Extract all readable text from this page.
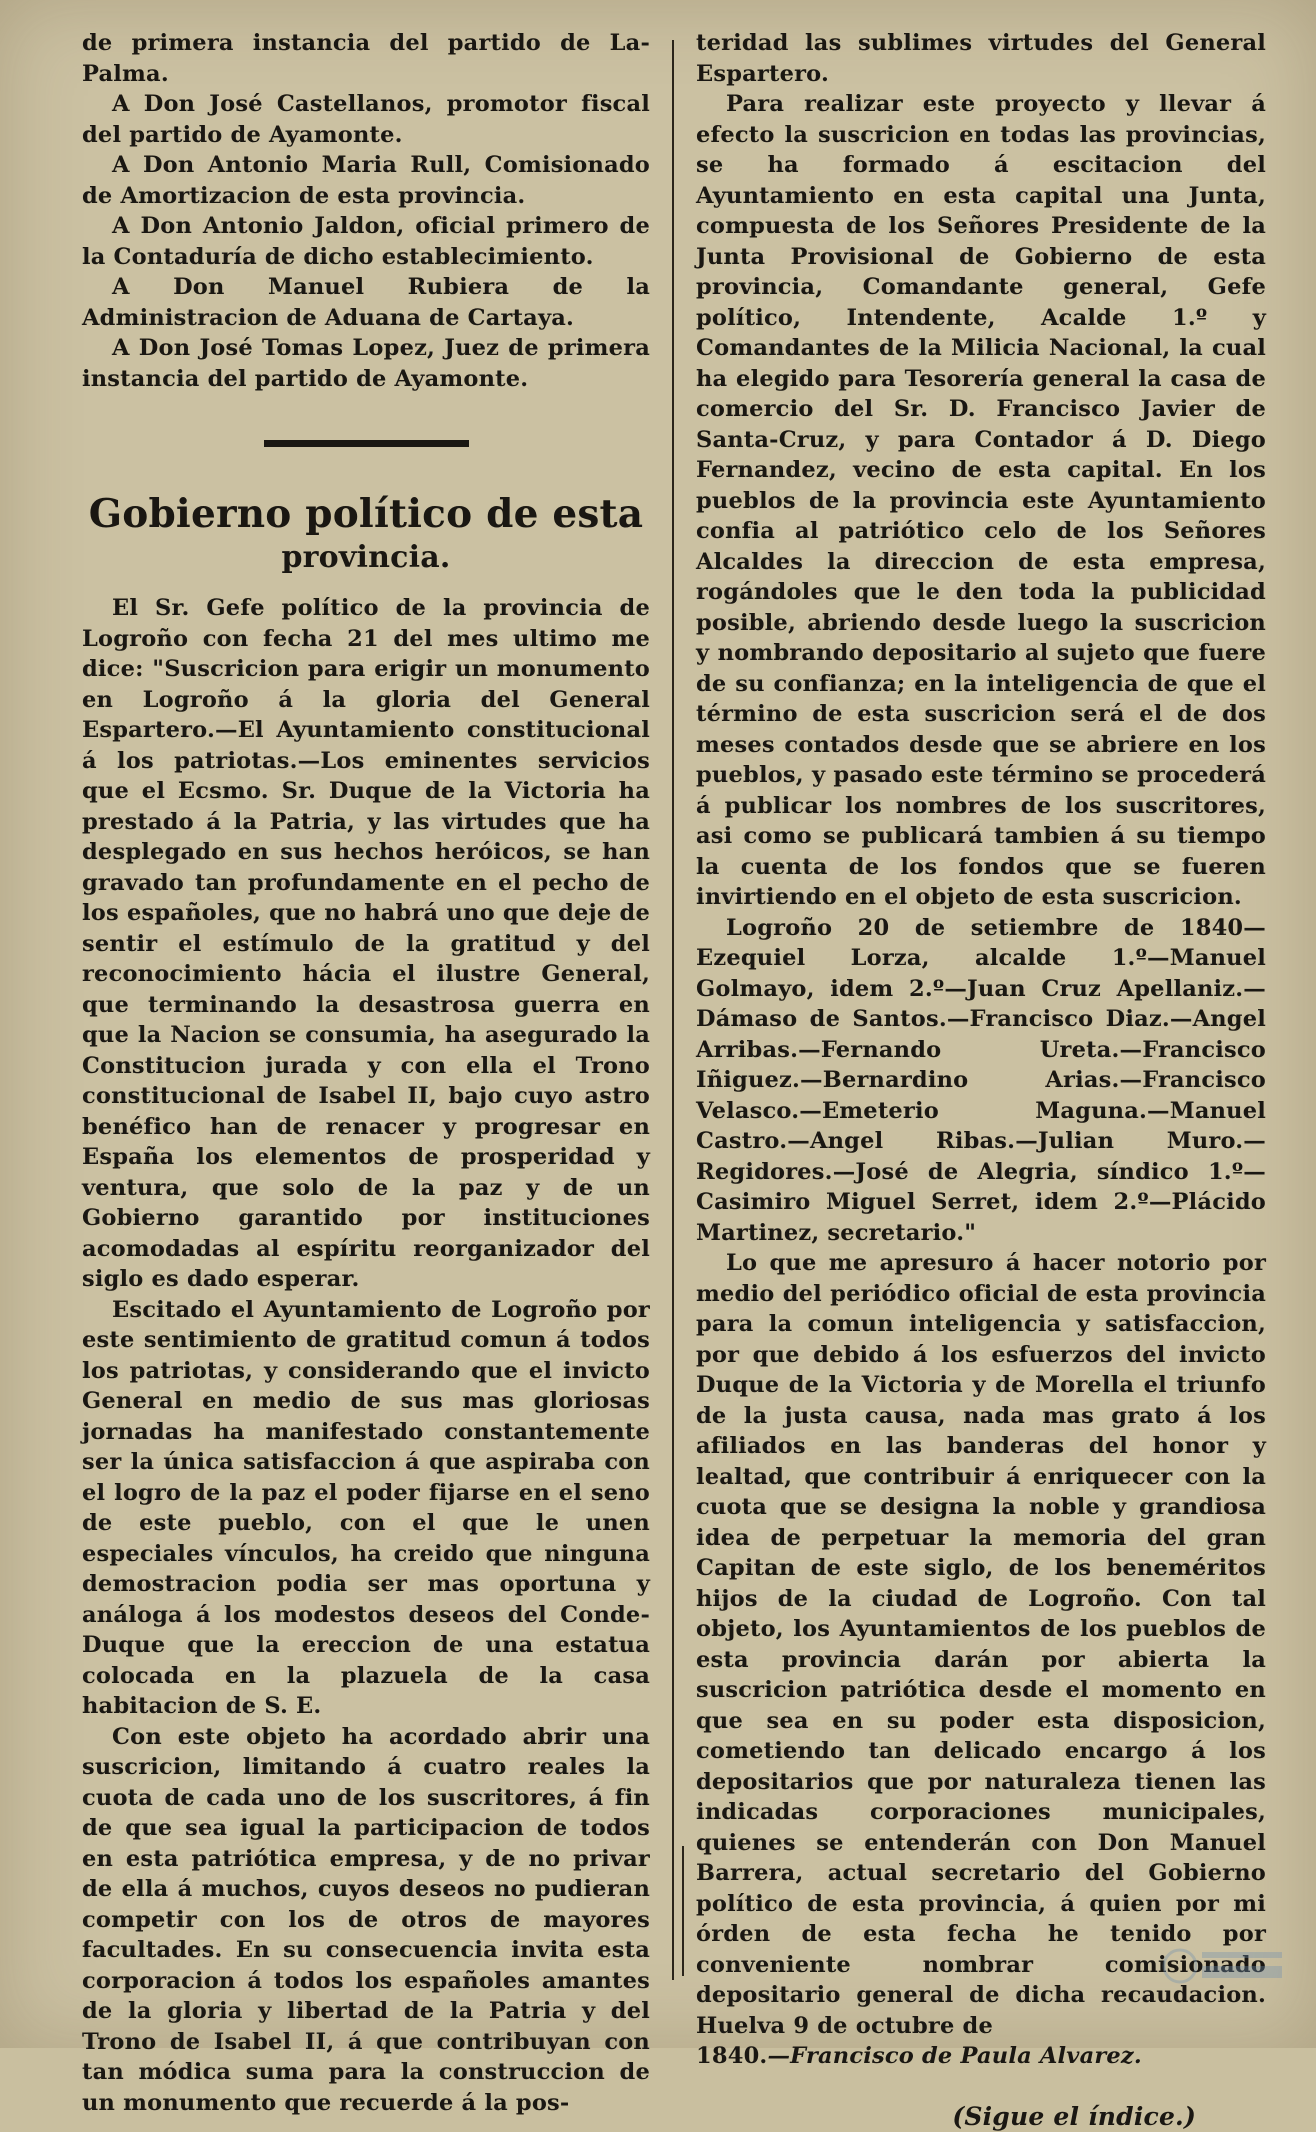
de primera instancia del partido de La-Palma.

A Don José Castellanos, promotor fiscal del partido de Ayamonte.

A Don Antonio Maria Rull, Comisionado de Amortizacion de esta provincia.

A Don Antonio Jaldon, oficial primero de la Contaduría de dicho establecimiento.

A Don Manuel Rubiera de la Administracion de Aduana de Cartaya.

A Don José Tomas Lopez, Juez de primera instancia del partido de Ayamonte.

Gobierno político de esta
provincia.

El Sr. Gefe político de la provincia de Logroño con fecha 21 del mes ultimo me dice: "Suscricion para erigir un monumento en Logroño á la gloria del General Espartero.—El Ayuntamiento constitucional á los patriotas.—Los eminentes servicios que el Ecsmo. Sr. Duque de la Victoria ha prestado á la Patria, y las virtudes que ha desplegado en sus hechos heróicos, se han gravado tan profundamente en el pecho de los españoles, que no habrá uno que deje de sentir el estímulo de la gratitud y del reconocimiento hácia el ilustre General, que terminando la desastrosa guerra en que la Nacion se consumia, ha asegurado la Constitucion jurada y con ella el Trono constitucional de Isabel II, bajo cuyo astro benéfico han de renacer y progresar en España los elementos de prosperidad y ventura, que solo de la paz y de un Gobierno garantido por instituciones acomodadas al espíritu reorganizador del siglo es dado esperar.

Escitado el Ayuntamiento de Logroño por este sentimiento de gratitud comun á todos los patriotas, y considerando que el invicto General en medio de sus mas gloriosas jornadas ha manifestado constantemente ser la única satisfaccion á que aspiraba con el logro de la paz el poder fijarse en el seno de este pueblo, con el que le unen especiales vínculos, ha creido que ninguna demostracion podia ser mas oportuna y análoga á los modestos deseos del Conde-Duque que la ereccion de una estatua colocada en la plazuela de la casa habitacion de S. E.

Con este objeto ha acordado abrir una suscricion, limitando á cuatro reales la cuota de cada uno de los suscritores, á fin de que sea igual la participacion de todos en esta patriótica empresa, y de no privar de ella á muchos, cuyos deseos no pudieran competir con los de otros de mayores facultades. En su consecuencia invita esta corporacion á todos los españoles amantes de la gloria y libertad de la Patria y del Trono de Isabel II, á que contribuyan con tan módica suma para la construccion de un monumento que recuerde á la pos-

teridad las sublimes virtudes del General Espartero.

Para realizar este proyecto y llevar á efecto la suscricion en todas las provincias, se ha formado á escitacion del Ayuntamiento en esta capital una Junta, compuesta de los Señores Presidente de la Junta Provisional de Gobierno de esta provincia, Comandante general, Gefe político, Intendente, Acalde 1.º y Comandantes de la Milicia Nacional, la cual ha elegido para Tesorería general la casa de comercio del Sr. D. Francisco Javier de Santa-Cruz, y para Contador á D. Diego Fernandez, vecino de esta capital. En los pueblos de la provincia este Ayuntamiento confia al patriótico celo de los Señores Alcaldes la direccion de esta empresa, rogándoles que le den toda la publicidad posible, abriendo desde luego la suscricion y nombrando depositario al sujeto que fuere de su confianza; en la inteligencia de que el término de esta suscricion será el de dos meses contados desde que se abriere en los pueblos, y pasado este término se procederá á publicar los nombres de los suscritores, asi como se publicará tambien á su tiempo la cuenta de los fondos que se fueren invirtiendo en el objeto de esta suscricion.

Logroño 20 de setiembre de 1840—Ezequiel Lorza, alcalde 1.º—Manuel Golmayo, idem 2.º—Juan Cruz Apellaniz.—Dámaso de Santos.—Francisco Diaz.—Angel Arribas.—Fernando Ureta.—Francisco Iñiguez.—Bernardino Arias.—Francisco Velasco.—Emeterio Maguna.—Manuel Castro.—Angel Ribas.—Julian Muro.—Regidores.—José de Alegria, síndico 1.º—Casimiro Miguel Serret, idem 2.º—Plácido Martinez, secretario."

Lo que me apresuro á hacer notorio por medio del periódico oficial de esta provincia para la comun inteligencia y satisfaccion, por que debido á los esfuerzos del invicto Duque de la Victoria y de Morella el triunfo de la justa causa, nada mas grato á los afiliados en las banderas del honor y lealtad, que contribuir á enriquecer con la cuota que se designa la noble y grandiosa idea de perpetuar la memoria del gran Capitan de este siglo, de los beneméritos hijos de la ciudad de Logroño. Con tal objeto, los Ayuntamientos de los pueblos de esta provincia darán por abierta la suscricion patriótica desde el momento en que sea en su poder esta disposicion, cometiendo tan delicado encargo á los depositarios que por naturaleza tienen las indicadas corporaciones municipales, quienes se entenderán con Don Manuel Barrera, actual secretario del Gobierno político de esta provincia, á quien por mi órden de esta fecha he tenido por conveniente nombrar comisionado depositario general de dicha recaudacion. Huelva 9 de octubre de

1840.—Francisco de Paula Alvarez.

(Sigue el índice.)
